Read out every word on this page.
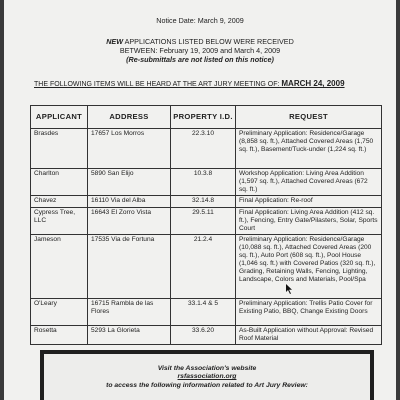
Notice Date: March 9, 2009
NEW APPLICATIONS LISTED BELOW WERE RECEIVED
BETWEEN: February 19, 2009 and March 4, 2009
(Re-submittals are not listed on this notice)
THE FOLLOWING ITEMS WILL BE HEARD AT THE ART JURY MEETING OF: MARCH 24, 2009
APPLICANT	ADDRESS	PROPERTY I.D.	REQUEST
Brasdes	17657 Los Morros	22.3.10	Preliminary Application: Residence/Garage (8,858 sq. ft.), Attached Covered Areas (1,750 sq. ft.), Basement/Tuck-under (1,224 sq. ft.)
Charlton	5890 San Elijo	10.3.8	Workshop Application: Living Area Addition (1,597 sq. ft.), Attached Covered Areas (672 sq. ft.)
Chavez	16110 Via del Alba	32.14.8	Final Application: Re-roof
Cypress Tree, LLC	16643 El Zorro Vista	29.5.11	Final Application: Living Area Addition (412 sq. ft.), Fencing, Entry Gate/Pilasters, Solar, Sports Court
Jameson	17535 Via de Fortuna	21.2.4	Preliminary Application: Residence/Garage (10,088 sq. ft.), Attached Covered Areas (200 sq. ft.), Auto Port (608 sq. ft.), Pool House (1,046 sq. ft.) with Covered Patios (320 sq. ft.), Grading, Retaining Walls, Fencing, Lighting, Landscape, Colors and Materials, Pool/Spa
O'Leary	16715 Rambla de las Flores	33.1.4 & 5	Preliminary Application: Trellis Patio Cover for Existing Patio, BBQ, Change Existing Doors
Rosetta	5293 La Glorieta	33.6.20	As-Built Application without Approval: Revised Roof Material
Visit the Association's website
rsfassociation.org
to access the following information related to Art Jury Review:
